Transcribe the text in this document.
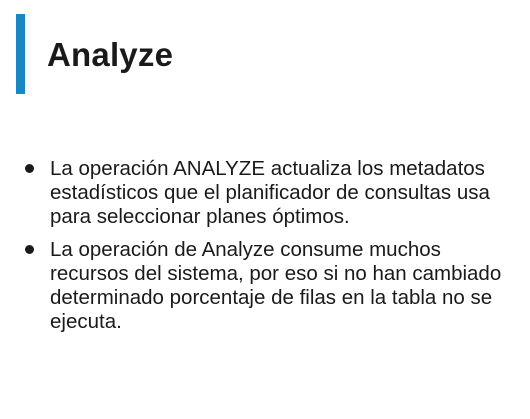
Analyze
La operación ANALYZE actualiza los metadatos estadísticos que el planificador de consultas usa para seleccionar planes óptimos.
La operación de Analyze consume muchos recursos del sistema, por eso si no han cambiado determinado porcentaje de filas en la tabla no se ejecuta.
